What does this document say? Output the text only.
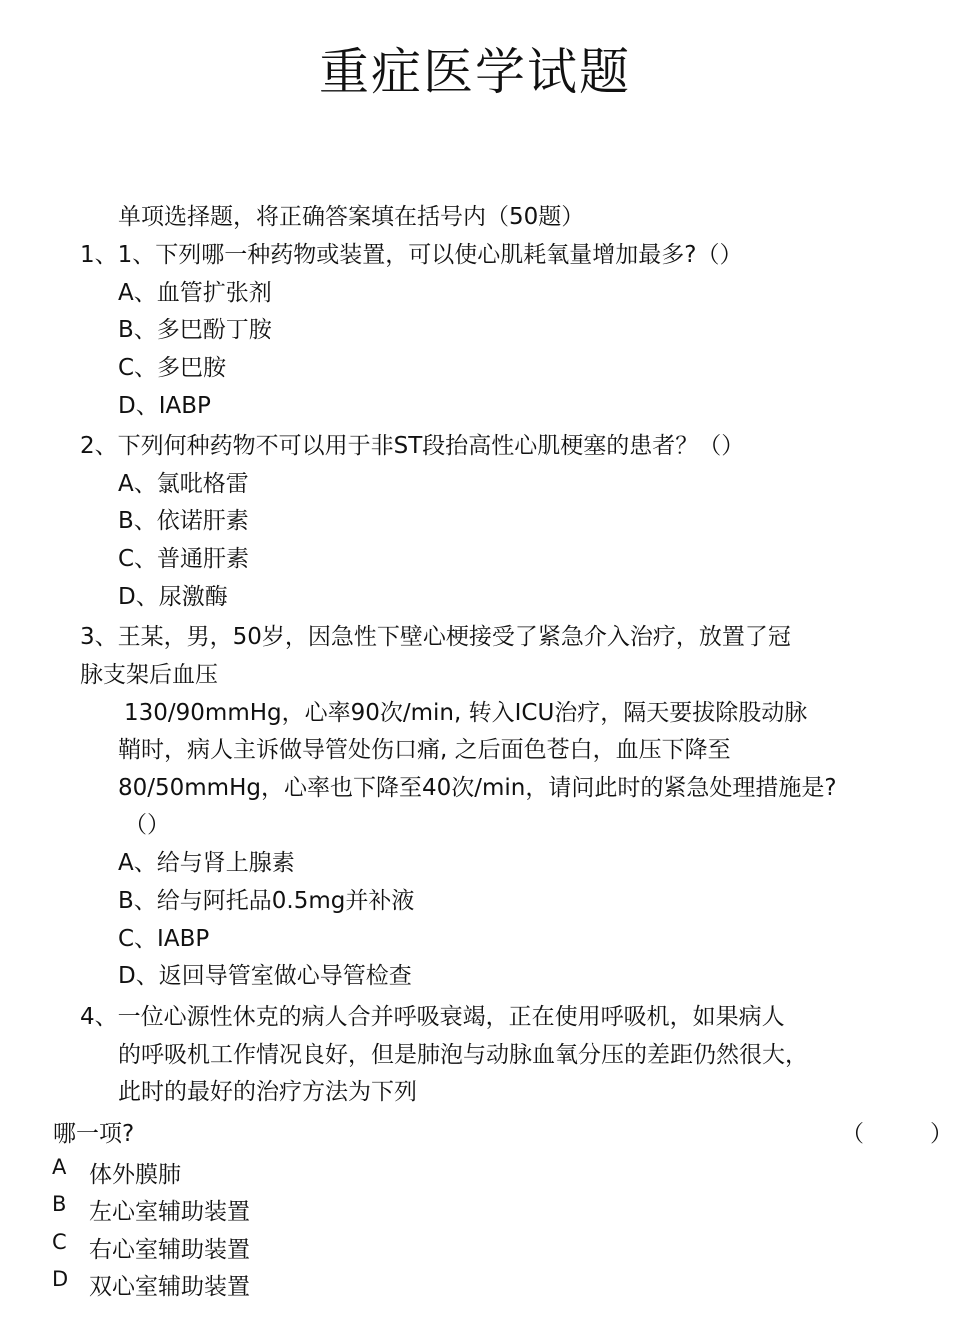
重症医学试题
单项选择题，将正确答案填在括号内（50题）
1、1、下列哪一种药物或装置，可以使心肌耗氧量增加最多?（）
A、血管扩张剂
B、多巴酚丁胺
C、多巴胺
D、IABP
2、下列何种药物不可以用于非ST段抬高性心肌梗塞的患者？（）
A、氯吡格雷
B、依诺肝素
C、普通肝素
D、尿激酶
3、王某，男，50岁，因急性下壁心梗接受了紧急介入治疗，放置了冠
脉支架后血压
130/90mmHg，心率90次/min, 转入ICU治疗，隔天要拔除股动脉
鞘时，病人主诉做导管处伤口痛, 之后面色苍白，血压下降至
80/50mmHg，心率也下降至40次/min，请问此时的紧急处理措施是?
（）
A、给与肾上腺素
B、给与阿托品0.5mg并补液
C、IABP
D、返回导管室做心导管检查
4、一位心源性休克的病人合并呼吸衰竭，正在使用呼吸机，如果病人
的呼吸机工作情况良好，但是肺泡与动脉血氧分压的差距仍然很大，
此时的最好的治疗方法为下列
哪一项?	（	）
A 体外膜肺
B 左心室辅助装置
C 右心室辅助装置
D 双心室辅助装置
